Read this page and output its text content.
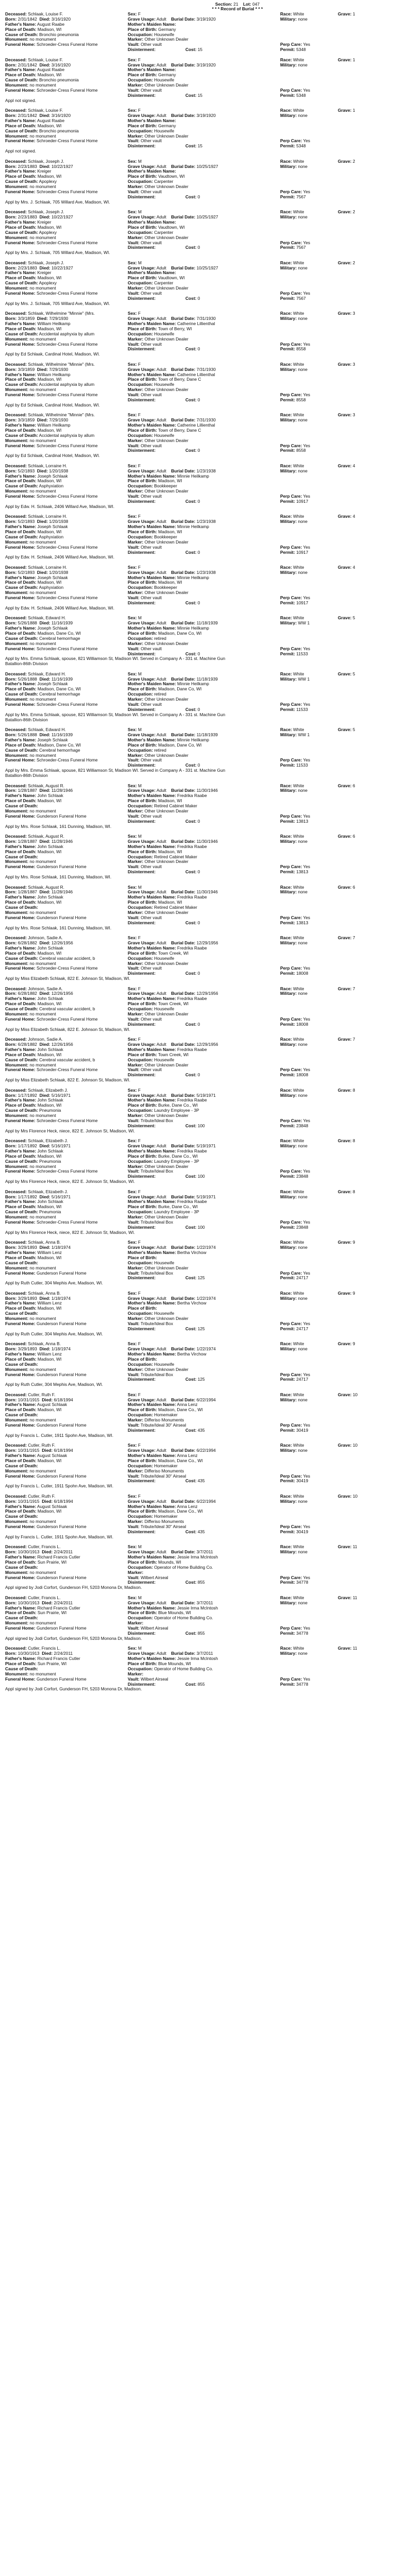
Section: 21 Lot: 047
* * * Record of Burial * * *
Deceased: Schlaak, Louise F.	Sex: F	Race: White	Grave: 1
Born: 2/31/1842 Died: 3/16/1920	Grave Usage: Adult Burial Date: 3/19/1920	Military: none
Father's Name: August Raabe	Mother's Maiden Name:
Place of Death: Madison, WI	Place of Birth: Germany
Cause of Death: Bronchio pneumonia	Occupation: Housewife
Monument: no monument	Marker: Other Unknown Dealer
Funeral Home: Schroeder-Cress Funeral Home	Vault: Other vault	Perp Care: Yes
Disinterment:	Cost: 15	Permit: 5348
Deceased: Schlaak, Louise F.	Sex: F	Race: White	Grave: 1
Born: 2/31/1842 Died: 3/16/1920	Grave Usage: Adult Burial Date: 3/19/1920	Military: none
Father's Name: August Raabe	Mother's Maiden Name:
Place of Death: Madison, WI	Place of Birth: Germany
Cause of Death: Bronchio pneumonia	Occupation: Housewife
Monument: no monument	Marker: Other Unknown Dealer
Funeral Home: Schroeder-Cress Funeral Home	Vault: Other vault	Perp Care: Yes
Disinterment:	Cost: 15	Permit: 5348
Appl not signed.
Deceased: Schlaak, Louise F.	Sex: F	Race: White	Grave: 1
Born: 2/31/1842 Died: 3/16/1920	Grave Usage: Adult Burial Date: 3/19/1920	Military: none
Father's Name: August Raabe	Mother's Maiden Name:
Place of Death: Madison, WI	Place of Birth: Germany
Cause of Death: Bronchio pneumonia	Occupation: Housewife
Monument: no monument	Marker: Other Unknown Dealer
Funeral Home: Schroeder-Cress Funeral Home	Vault: Other vault	Perp Care: Yes
Disinterment:	Cost: 15	Permit: 5348
Appl not signed.
Deceased: Schlaak, Joseph J.	Sex: M	Race: White	Grave: 2
Born: 2/23/1883 Died: 10/22/1927	Grave Usage: Adult Burial Date: 10/25/1927	Military: none
Father's Name: Kreiger	Mother's Maiden Name:
Place of Death: Madison, WI	Place of Birth: Vaudtown, WI
Cause of Death: Apoplexy	Occupation: Carpenter
Monument: no monument	Marker: Other Unknown Dealer
Funeral Home: Schroeder-Cress Funeral Home	Vault: Other vault	Perp Care: Yes
Disinterment:	Cost: 0	Permit: 7567
Appl by Mrs. J. Schlaak, 705 Willard Ave, Madison, WI.
Deceased: Schlaak, Joseph J.	Sex: M	Race: White	Grave: 2
Born: 2/23/1883 Died: 10/22/1927	Grave Usage: Adult Burial Date: 10/25/1927	Military: none
Father's Name: Kreiger	Mother's Maiden Name:
Place of Death: Madison, WI	Place of Birth: Vaudtown, WI
Cause of Death: Apoplexy	Occupation: Carpenter
Monument: no monument	Marker: Other Unknown Dealer
Funeral Home: Schroeder-Cress Funeral Home	Vault: Other vault	Perp Care: Yes
Disinterment:	Cost: 0	Permit: 7567
Appl by Mrs. J. Schlaak, 705 Willard Ave, Madison, WI.
Deceased: Schlaak, Joseph J.	Sex: M	Race: White	Grave: 2
Born: 2/23/1883 Died: 10/22/1927	Grave Usage: Adult Burial Date: 10/25/1927	Military: none
Father's Name: Kreiger	Mother's Maiden Name:
Place of Death: Madison, WI	Place of Birth: Vaudtown, WI
Cause of Death: Apoplexy	Occupation: Carpenter
Monument: no monument	Marker: Other Unknown Dealer
Funeral Home: Schroeder-Cress Funeral Home	Vault: Other vault	Perp Care: Yes
Disinterment:	Cost: 0	Permit: 7567
Appl by Mrs. J. Schlaak, 705 Willard Ave, Madison, WI.
Deceased: Schlaak, Wilhelmine "Minnie" (Mrs.	Sex: F	Race: White	Grave: 3
Born: 3/3/1859 Died: 7/29/1930	Grave Usage: Adult Burial Date: 7/31/1930	Military: none
Father's Name: William Heilkamp	Mother's Maiden Name: Catherine Lillienthal
Place of Death: Madison, WI	Place of Birth: Town of Berry, WI
Cause of Death: Accidental asphyxia by allum	Occupation: Housewife
Monument: no monument	Marker: Other Unknown Dealer
Funeral Home: Schroeder-Cress Funeral Home	Vault: Other vault	Perp Care: Yes
Disinterment:	Cost: 0	Permit: 8558
Appl by Ed Schlaak, Cardinal Hotel, Madison, WI.
Deceased: Schlaak, Wilhelmine "Minnie" (Mrs.	Sex: F	Race: White	Grave: 3
Born: 3/3/1859 Died: 7/29/1930	Grave Usage: Adult Burial Date: 7/31/1930	Military: none
Father's Name: William Heilkamp	Mother's Maiden Name: Catherine Lillienthal
Place of Death: Madison, WI	Place of Birth: Town of Berry, Dane C
Cause of Death: Accidental asphyxia by allum	Occupation: Housewife
Monument: no monument	Marker: Other Unknown Dealer
Funeral Home: Schroeder-Cress Funeral Home	Vault: Other vault	Perp Care: Yes
Disinterment:	Cost: 0	Permit: 8558
Appl by Ed Schlaak, Cardinal Hotel, Madison, WI.
Deceased: Schlaak, Wilhelmine "Minnie" (Mrs.	Sex: F	Race: White	Grave: 3
Born: 3/3/1859 Died: 7/29/1930	Grave Usage: Adult Burial Date: 7/31/1930	Military: none
Father's Name: William Heilkamp	Mother's Maiden Name: Catherine Lillienthal
Place of Death: Madison, WI	Place of Birth: Town of Berry, Dane C
Cause of Death: Accidental asphyxia by allum	Occupation: Housewife
Monument: no monument	Marker: Other Unknown Dealer
Funeral Home: Schroeder-Cress Funeral Home	Vault: Other vault	Perp Care: Yes
Disinterment:	Cost: 0	Permit: 8558
Appl by Ed Schlaak, Cardinal Hotel, Madison, WI.
Deceased: Schlaak, Lorraine H.	Sex: F	Race: White	Grave: 4
Born: 5/2/1893 Died: 1/20/1938	Grave Usage: Adult Burial Date: 1/23/1938	Military: none
Father's Name: Joseph Schlaak	Mother's Maiden Name: Minnie Heilkamp
Place of Death: Madison, WI	Place of Birth: Madison, WI
Cause of Death: Asphyxiation	Occupation: Bookkeeper
Monument: no monument	Marker: Other Unknown Dealer
Funeral Home: Schroeder-Cress Funeral Home	Vault: Other vault	Perp Care: Yes
Disinterment:	Cost: 0	Permit: 10917
Appl by Edw. H. Schlaak, 2406 Willard Ave, Madison, WI.
Deceased: Schlaak, Lorraine H.	Sex: F	Race: White	Grave: 4
Born: 5/2/1893 Died: 1/20/1938	Grave Usage: Adult Burial Date: 1/23/1938	Military: none
Father's Name: Joseph Schlaak	Mother's Maiden Name: Minnie Heilkamp
Place of Death: Madison, WI	Place of Birth: Madison, WI
Cause of Death: Asphyxiation	Occupation: Bookkeeper
Monument: no monument	Marker: Other Unknown Dealer
Funeral Home: Schroeder-Cress Funeral Home	Vault: Other vault	Perp Care: Yes
Disinterment:	Cost: 0	Permit: 10917
Appl by Edw. H. Schlaak, 2406 Willard Ave, Madison, WI.
Deceased: Schlaak, Lorraine H.	Sex: F	Race: White	Grave: 4
Born: 5/2/1893 Died: 1/20/1938	Grave Usage: Adult Burial Date: 1/23/1938	Military: none
Father's Name: Joseph Schlaak	Mother's Maiden Name: Minnie Heilkamp
Place of Death: Madison, WI	Place of Birth: Madison, WI
Cause of Death: Asphyxiation	Occupation: Bookkeeper
Monument: no monument	Marker: Other Unknown Dealer
Funeral Home: Schroeder-Cress Funeral Home	Vault: Other vault	Perp Care: Yes
Disinterment:	Cost: 0	Permit: 10917
Appl by Edw. H. Schlaak, 2406 Willard Ave, Madison, WI.
Deceased: Schlaak, Edward H.	Sex: M	Race: White	Grave: 5
Born: 5/26/1888 Died: 11/16/1939	Grave Usage: Adult Burial Date: 11/18/1939	Military: WW 1
Father's Name: Joseph Schlaak	Mother's Maiden Name: Minnie Heilkamp
Place of Death: Madison, Dane Co, WI	Place of Birth: Madison, Dane Co, WI
Cause of Death: Cerebral hemorrhage	Occupation: retired
Monument: no monument	Marker: Other Unknown Dealer
Funeral Home: Schroeder-Cress Funeral Home	Vault: Other vault	Perp Care: Yes
Disinterment:	Cost: 0	Permit: 11533
Appl by Mrs. Emma Schlaak, spouse, 821 Williamson St, Madison WI. Served in Company A - 331 st. Machine Gun
Batallion-86th Division
Deceased: Schlaak, Edward H.	Sex: M	Race: White	Grave: 5
Born: 5/26/1888 Died: 11/16/1939	Grave Usage: Adult Burial Date: 11/18/1939	Military: WW 1
Father's Name: Joseph Schlaak	Mother's Maiden Name: Minnie Heilkamp
Place of Death: Madison, Dane Co, WI	Place of Birth: Madison, Dane Co, WI
Cause of Death: Cerebral hemorrhage	Occupation: retired
Monument: no monument	Marker: Other Unknown Dealer
Funeral Home: Schroeder-Cress Funeral Home	Vault: Other vault	Perp Care: Yes
Disinterment:	Cost: 0	Permit: 11533
Appl by Mrs. Emma Schlaak, spouse, 821 Williamson St, Madison WI. Served in Company A - 331 st. Machine Gun
Batallion-86th Division
Deceased: Schlaak, Edward H.	Sex: M	Race: White	Grave: 5
Born: 5/26/1888 Died: 11/16/1939	Grave Usage: Adult Burial Date: 11/18/1939	Military: WW 1
Father's Name: Joseph Schlaak	Mother's Maiden Name: Minnie Heilkamp
Place of Death: Madison, Dane Co, WI	Place of Birth: Madison, Dane Co, WI
Cause of Death: Cerebral hemorrhage	Occupation: retired
Monument: no monument	Marker: Other Unknown Dealer
Funeral Home: Schroeder-Cress Funeral Home	Vault: Other vault	Perp Care: Yes
Disinterment:	Cost: 0	Permit: 11533
Appl by Mrs. Emma Schlaak, spouse, 821 Williamson St, Madison WI. Served in Company A - 331 st. Machine Gun
Batallion-86th Division
Deceased: Schlaak, August R.	Sex: M	Race: White	Grave: 6
Born: 1/28/1887 Died: 11/28/1946	Grave Usage: Adult Burial Date: 11/30/1946	Military: none
Father's Name: John Schlaak	Mother's Maiden Name: Fredrika Raabe
Place of Death: Madison, WI	Place of Birth: Madison, WI
Cause of Death:	Occupation: Retired Cabinet Maker
Monument: no monument	Marker: Other Unknown Dealer
Funeral Home: Gunderson Funeral Home	Vault: Other vault	Perp Care: Yes
Disinterment:	Cost: 0	Permit: 13813
Appl by Mrs. Rose Schlaak, 161 Dunning, Madison, WI.
Deceased: Schlaak, August R.	Sex: M	Race: White	Grave: 6
Born: 1/28/1887 Died: 11/28/1946	Grave Usage: Adult Burial Date: 11/30/1946	Military: none
Father's Name: John Schlaak	Mother's Maiden Name: Fredrika Raabe
Place of Death: Madison, WI	Place of Birth: Madison, WI
Cause of Death:	Occupation: Retired Cabinet Maker
Monument: no monument	Marker: Other Unknown Dealer
Funeral Home: Gunderson Funeral Home	Vault: Other vault	Perp Care: Yes
Disinterment:	Cost: 0	Permit: 13813
Appl by Mrs. Rose Schlaak, 161 Dunning, Madison, WI.
Deceased: Schlaak, August R.	Sex: M	Race: White	Grave: 6
Born: 1/28/1887 Died: 11/28/1946	Grave Usage: Adult Burial Date: 11/30/1946	Military: none
Father's Name: John Schlaak	Mother's Maiden Name: Fredrika Raabe
Place of Death: Madison, WI	Place of Birth: Madison, WI
Cause of Death:	Occupation: Retired Cabinet Maker
Monument: no monument	Marker: Other Unknown Dealer
Funeral Home: Gunderson Funeral Home	Vault: Other vault	Perp Care: Yes
Disinterment:	Cost: 0	Permit: 13813
Appl by Mrs. Rose Schlaak, 161 Dunning, Madison, WI.
Deceased: Johnson, Sadie A.	Sex: F	Race: White	Grave: 7
Born: 6/28/1882 Died: 12/26/1956	Grave Usage: Adult Burial Date: 12/29/1956	Military: none
Father's Name: John Schlaak	Mother's Maiden Name: Fredrika Raabe
Place of Death: Madison, WI	Place of Birth: Town Creek, WI
Cause of Death: Cerebral vascular accident, b	Occupation: Housewife
Monument: no monument	Marker: Other Unknown Dealer
Funeral Home: Schroeder-Cress Funeral Home	Vault: Other vault	Perp Care: Yes
Disinterment:	Cost: 0	Permit: 18008
Appl by Miss Elizabeth Schlaak, 822 E. Johnson St, Madison, WI.
Deceased: Johnson, Sadie A.	Sex: F	Race: White	Grave: 7
Born: 6/28/1882 Died: 12/26/1956	Grave Usage: Adult Burial Date: 12/29/1956	Military: none
Father's Name: John Schlaak	Mother's Maiden Name: Fredrika Raabe
Place of Death: Madison, WI	Place of Birth: Town Creek, WI
Cause of Death: Cerebral vascular accident, b	Occupation: Housewife
Monument: no monument	Marker: Other Unknown Dealer
Funeral Home: Schroeder-Cress Funeral Home	Vault: Other vault	Perp Care: Yes
Disinterment:	Cost: 0	Permit: 18008
Appl by Miss Elizabeth Schlaak, 822 E. Johnson St, Madison, WI.
Deceased: Johnson, Sadie A.	Sex: F	Race: White	Grave: 7
Born: 6/28/1882 Died: 12/26/1956	Grave Usage: Adult Burial Date: 12/29/1956	Military: none
Father's Name: John Schlaak	Mother's Maiden Name: Fredrika Raabe
Place of Death: Madison, WI	Place of Birth: Town Creek, WI
Cause of Death: Cerebral vascular accident, b	Occupation: Housewife
Monument: no monument	Marker: Other Unknown Dealer
Funeral Home: Schroeder-Cress Funeral Home	Vault: Other vault	Perp Care: Yes
Disinterment:	Cost: 0	Permit: 18008
Appl by Miss Elizabeth Schlaak, 822 E. Johnson St, Madison, WI.
Deceased: Schlaak, Elizabeth J.	Sex: F	Race: White	Grave: 8
Born: 1/17/1892 Died: 5/16/1971	Grave Usage: Adult Burial Date: 5/19/1971	Military: none
Father's Name: John Schlaak	Mother's Maiden Name: Fredrika Raabe
Place of Death: Madison, WI	Place of Birth: Burke, Dane Co., WI
Cause of Death: Pneumonia	Occupation: Laundry Employee - 3P
Monument: no monument	Marker: Other Unknown Dealer
Funeral Home: Schroeder-Cress Funeral Home	Vault: Tribute/Ideal Box	Perp Care: Yes
Disinterment:	Cost: 100	Permit: 23848
Appl by Mrs Florence Heck, niece, 822 E. Johnson St, Madison, WI.
Deceased: Schlaak, Elizabeth J.	Sex: F	Race: White	Grave: 8
Born: 1/17/1892 Died: 5/16/1971	Grave Usage: Adult Burial Date: 5/19/1971	Military: none
Father's Name: John Schlaak	Mother's Maiden Name: Fredrika Raabe
Place of Death: Madison, WI	Place of Birth: Burke, Dane Co., WI
Cause of Death: Pneumonia	Occupation: Laundry Employee - 3P
Monument: no monument	Marker: Other Unknown Dealer
Funeral Home: Schroeder-Cress Funeral Home	Vault: Tribute/Ideal Box	Perp Care: Yes
Disinterment:	Cost: 100	Permit: 23848
Appl by Mrs Florence Heck, niece, 822 E. Johnson St, Madison, WI.
Deceased: Schlaak, Elizabeth J.	Sex: F	Race: White	Grave: 8
Born: 1/17/1892 Died: 5/16/1971	Grave Usage: Adult Burial Date: 5/19/1971	Military: none
Father's Name: John Schlaak	Mother's Maiden Name: Fredrika Raabe
Place of Death: Madison, WI	Place of Birth: Burke, Dane Co., WI
Cause of Death: Pneumonia	Occupation: Laundry Employee - 3P
Monument: no monument	Marker: Other Unknown Dealer
Funeral Home: Schroeder-Cress Funeral Home	Vault: Tribute/Ideal Box	Perp Care: Yes
Disinterment:	Cost: 100	Permit: 23848
Appl by Mrs Florence Heck, niece, 822 E. Johnson St, Madison, WI.
Deceased: Schlaak, Anna B.	Sex: F	Race: White	Grave: 9
Born: 3/29/1893 Died: 1/18/1974	Grave Usage: Adult Burial Date: 1/22/1974	Military: none
Father's Name: William Lenz	Mother's Maiden Name: Bertha Virchow
Place of Death: Madison, WI	Place of Birth:
Cause of Death:	Occupation: Housewife
Monument: no monument	Marker: Other Unknown Dealer
Funeral Home: Gunderson Funeral Home	Vault: Tribute/Ideal Box	Perp Care: Yes
Disinterment:	Cost: 125	Permit: 24717
Appl by Ruth Cutler, 304 Mephis Ave, Madison, WI.
Deceased: Schlaak, Anna B.	Sex: F	Race: White	Grave: 9
Born: 3/29/1893 Died: 1/18/1974	Grave Usage: Adult Burial Date: 1/22/1974	Military: none
Father's Name: William Lenz	Mother's Maiden Name: Bertha Virchow
Place of Death: Madison, WI	Place of Birth:
Cause of Death:	Occupation: Housewife
Monument: no monument	Marker: Other Unknown Dealer
Funeral Home: Gunderson Funeral Home	Vault: Tribute/Ideal Box	Perp Care: Yes
Disinterment:	Cost: 125	Permit: 24717
Appl by Ruth Cutler, 304 Mephis Ave, Madison, WI.
Deceased: Schlaak, Anna B.	Sex: F	Race: White	Grave: 9
Born: 3/29/1893 Died: 1/18/1974	Grave Usage: Adult Burial Date: 1/22/1974	Military: none
Father's Name: William Lenz	Mother's Maiden Name: Bertha Virchow
Place of Death: Madison, WI	Place of Birth:
Cause of Death:	Occupation: Housewife
Monument: no monument	Marker: Other Unknown Dealer
Funeral Home: Gunderson Funeral Home	Vault: Tribute/Ideal Box	Perp Care: Yes
Disinterment:	Cost: 125	Permit: 24717
Appl by Ruth Cutler, 304 Mephis Ave, Madison, WI.
Deceased: Cutler, Ruth F.	Sex: F	Race: White	Grave: 10
Born: 10/31/1915 Died: 6/18/1994	Grave Usage: Adult Burial Date: 6/22/1994	Military: none
Father's Name: August Schlaak	Mother's Maiden Name: Anna Lenz
Place of Death: Madison, WI	Place of Birth: Madison, Dane Co., WI
Cause of Death:	Occupation: Homemaker
Monument: no monument	Marker: Differiso Monuments
Funeral Home: Gunderson Funeral Home	Vault: Tribute/Ideal 30" Airseal	Perp Care: Yes
Disinterment:	Cost: 435	Permit: 30419
Appl by Francis L. Cutler, 1911 Spohn Ave, Madison, WI.
Deceased: Cutler, Ruth F.	Sex: F	Race: White	Grave: 10
Born: 10/31/1915 Died: 6/18/1994	Grave Usage: Adult Burial Date: 6/22/1994	Military: none
Father's Name: August Schlaak	Mother's Maiden Name: Anna Lenz
Place of Death: Madison, WI	Place of Birth: Madison, Dane Co., WI
Cause of Death:	Occupation: Homemaker
Monument: no monument	Marker: Differiso Monuments
Funeral Home: Gunderson Funeral Home	Vault: Tribute/Ideal 30" Airseal	Perp Care: Yes
Disinterment:	Cost: 435	Permit: 30419
Appl by Francis L. Cutler, 1911 Spohn Ave, Madison, WI.
Deceased: Cutler, Ruth F.	Sex: F	Race: White	Grave: 10
Born: 10/31/1915 Died: 6/18/1994	Grave Usage: Adult Burial Date: 6/22/1994	Military: none
Father's Name: August Schlaak	Mother's Maiden Name: Anna Lenz
Place of Death: Madison, WI	Place of Birth: Madison, Dane Co., WI
Cause of Death:	Occupation: Homemaker
Monument: no monument	Marker: Differiso Monuments
Funeral Home: Gunderson Funeral Home	Vault: Tribute/Ideal 30" Airseal	Perp Care: Yes
Disinterment:	Cost: 435	Permit: 30419
Appl by Francis L. Cutler, 1911 Spohn Ave, Madison, WI.
Deceased: Cutler, Francis L.	Sex: M	Race: White	Grave: 11
Born: 10/30/1913 Died: 2/24/2011	Grave Usage: Adult Burial Date: 3/7/2011	Military: none
Father's Name: Richard Francis Cutler	Mother's Maiden Name: Jessie Irma McIntosh
Place of Death: Sun Prairie, WI	Place of Birth: Mounds, WI
Cause of Death:	Occupation: Operator of Home Building Co.
Monument: no monument	Marker:
Funeral Home: Gunderson Funeral Home	Vault: Wilbert Airseal	Perp Care: Yes
Disinterment:	Cost: 855	Permit: 34778
Appl signed by Jodi Corfort, Gunderson FH, 5203 Monona Dr, Madison.
Deceased: Cutler, Francis L.	Sex: M	Race: White	Grave: 11
Born: 10/30/1913 Died: 2/24/2011	Grave Usage: Adult Burial Date: 3/7/2011	Military: none
Father's Name: Richard Francis Cutler	Mother's Maiden Name: Jessie Irma McIntosh
Place of Death: Sun Prairie, WI	Place of Birth: Blue Mounds, WI
Cause of Death:	Occupation: Operator of Home Building Co.
Monument: no monument	Marker:
Funeral Home: Gunderson Funeral Home	Vault: Wilbert Airseal	Perp Care: Yes
Disinterment:	Cost: 855	Permit: 34778
Appl signed by Jodi Corfort, Gunderson FH, 5203 Monona Dr, Madison.
Deceased: Cutler, Francis L.	Sex: M	Race: White	Grave: 11
Born: 10/30/1913 Died: 2/24/2011	Grave Usage: Adult Burial Date: 3/7/2011	Military: none
Father's Name: Richard Francis Cutler	Mother's Maiden Name: Jessie Irma McIntosh
Place of Death: Sun Prairie, WI	Place of Birth: Blue Mounds, WI
Cause of Death:	Occupation: Operator of Home Building Co.
Monument: no monument	Marker:
Funeral Home: Gunderson Funeral Home	Vault: Wilbert Airseal	Perp Care: Yes
Disinterment:	Cost: 855	Permit: 34778
Appl signed by Jodi Corfort, Gunderson FH, 5203 Monona Dr, Madison.
